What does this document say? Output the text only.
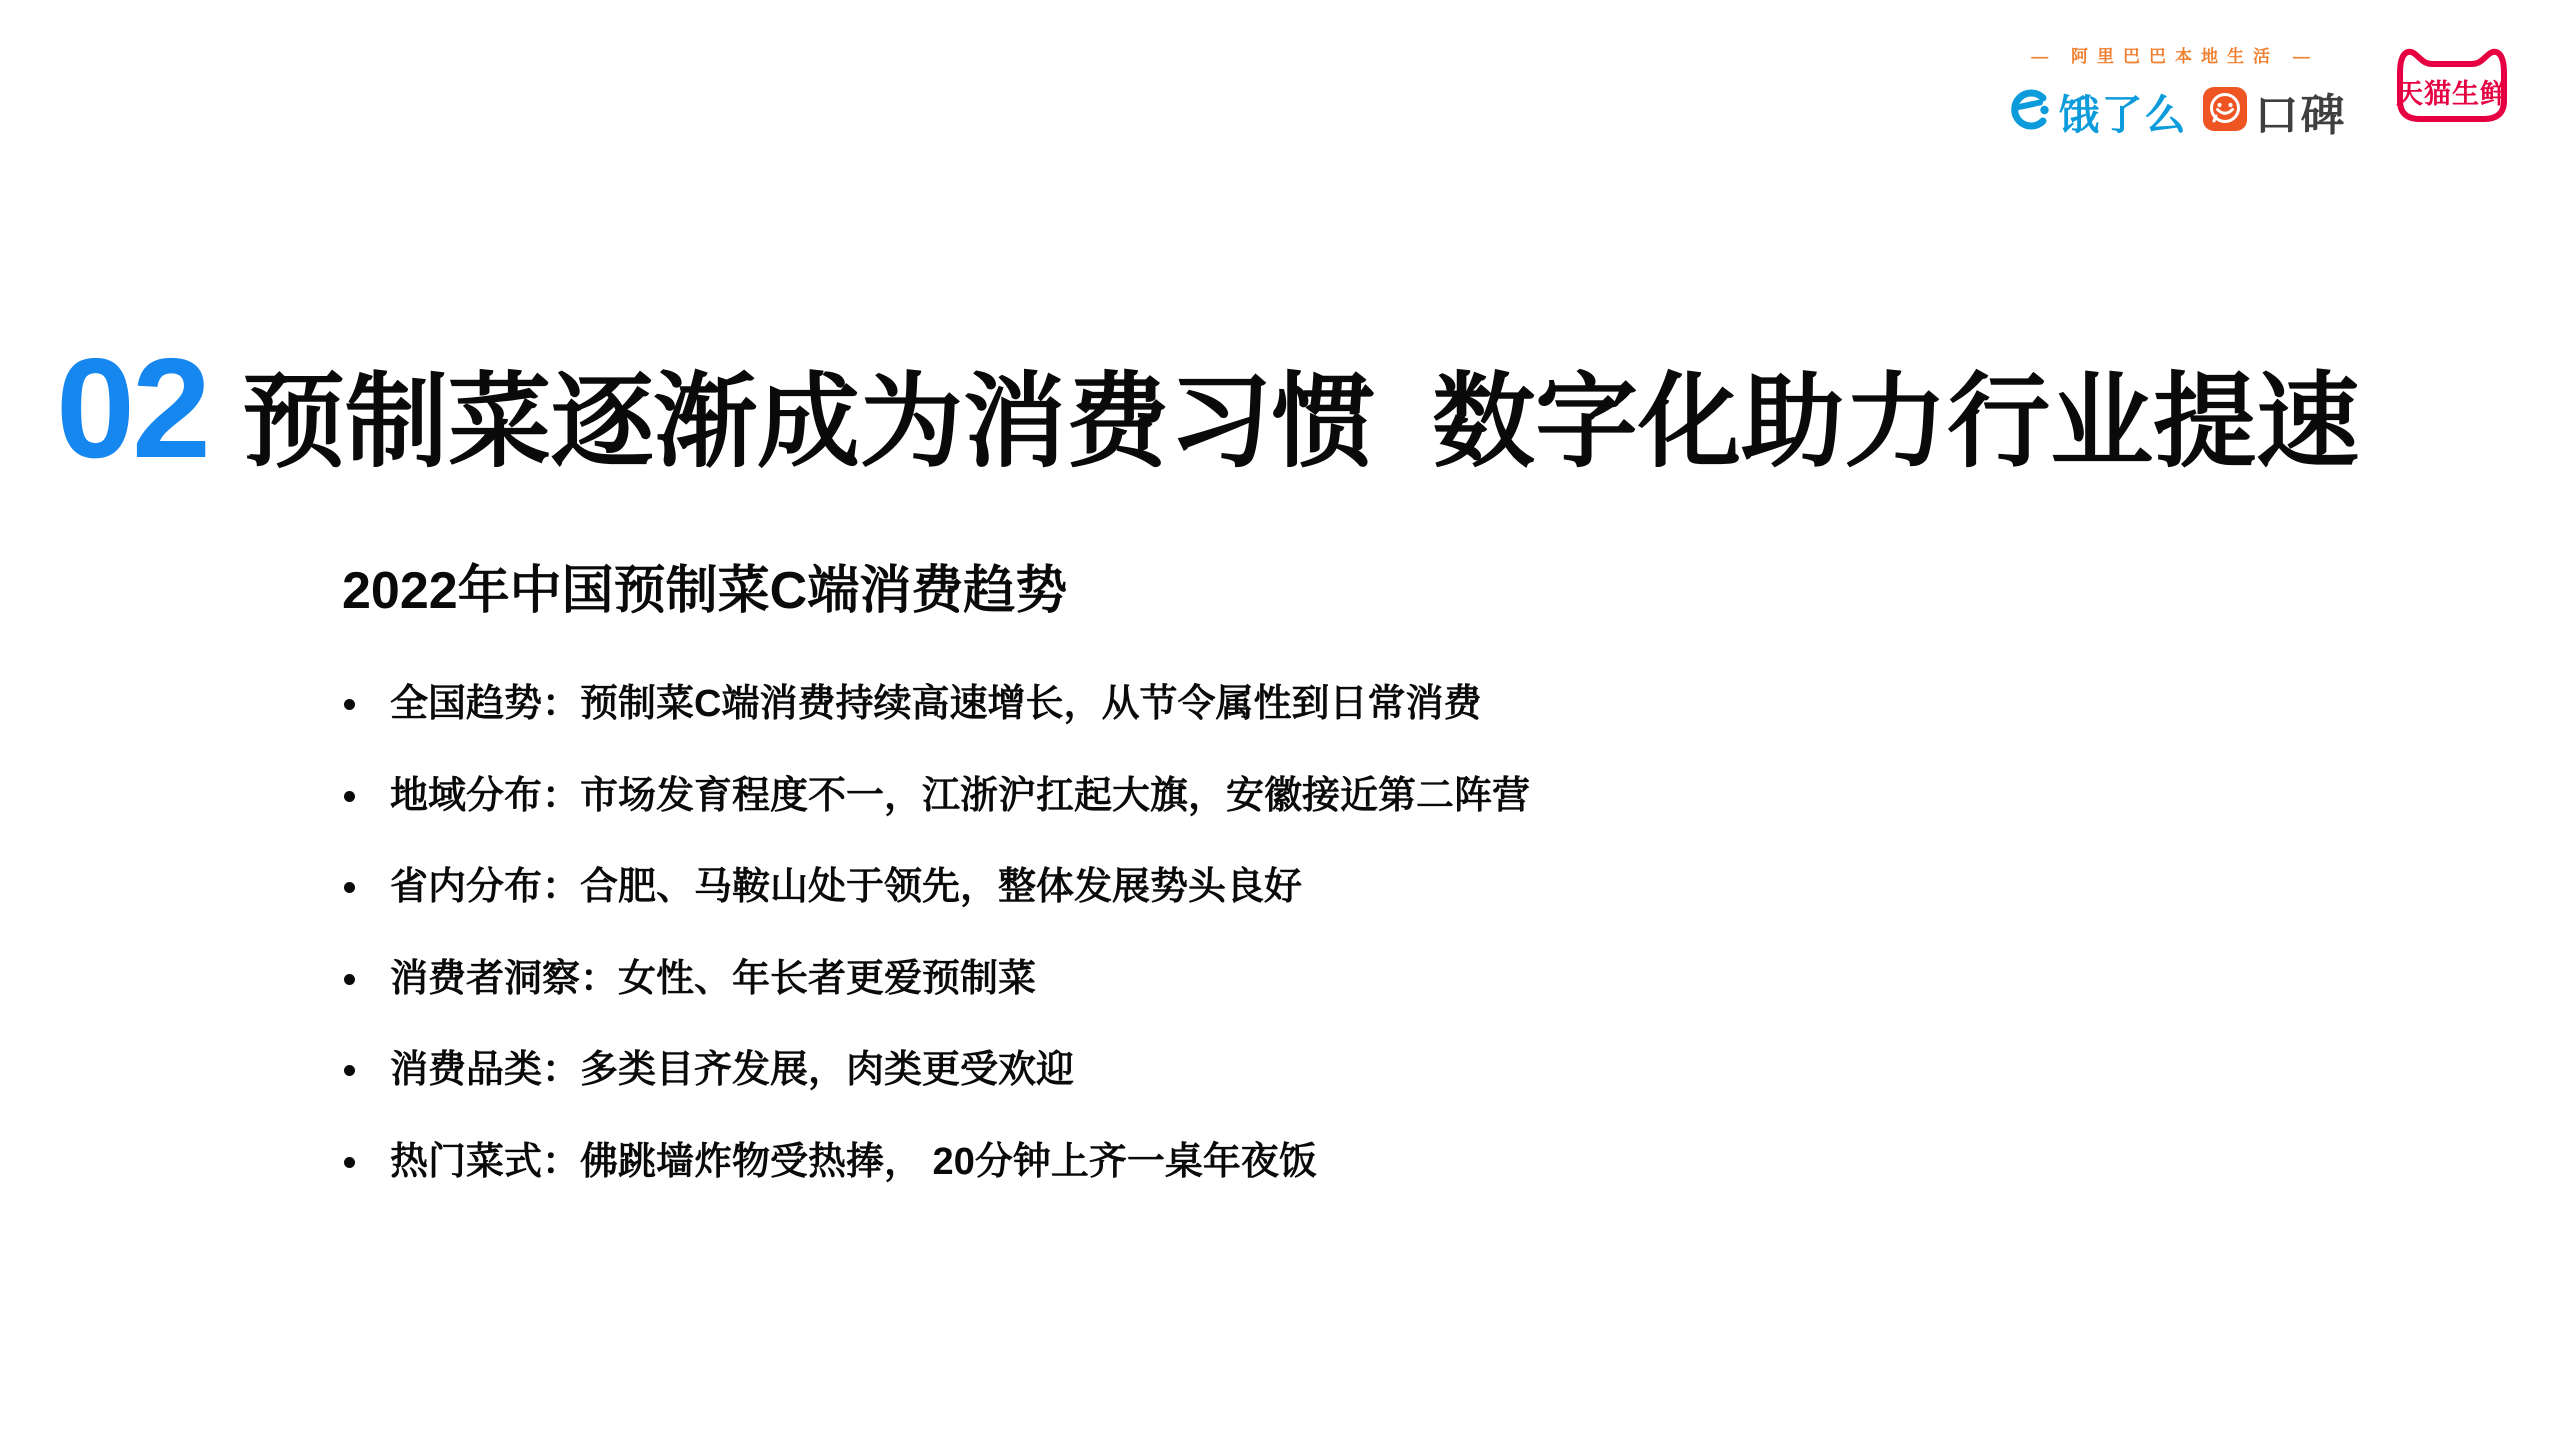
— 阿里巴巴本地生活 —
饿了么 口碑 天猫生鲜
02 预制菜逐渐成为消费习惯  数字化助力行业提速
2022年中国预制菜C端消费趋势
全国趋势：预制菜C端消费持续高速增长，从节令属性到日常消费
地域分布：市场发育程度不一，江浙沪扛起大旗，安徽接近第二阵营
省内分布：合肥、马鞍山处于领先，整体发展势头良好
消费者洞察：女性、年长者更爱预制菜
消费品类：多类目齐发展，肉类更受欢迎
热门菜式：佛跳墙炸物受热捧， 20分钟上齐一桌年夜饭
